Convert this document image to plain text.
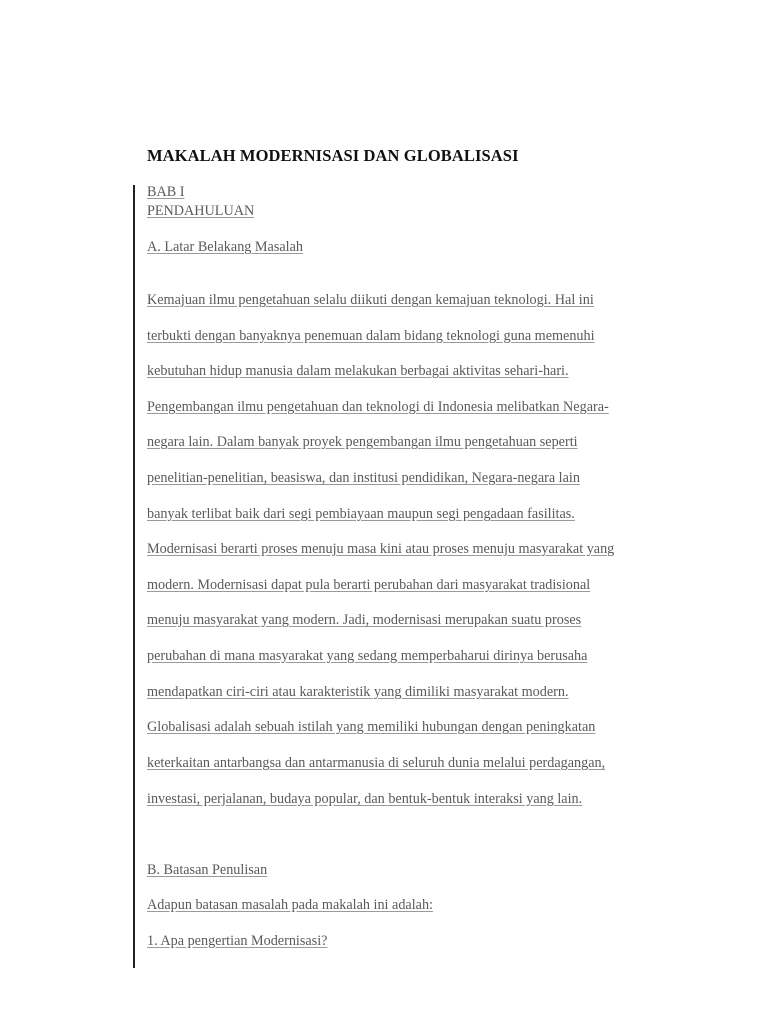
MAKALAH MODERNISASI DAN GLOBALISASI
BAB I
PENDAHULUAN
A. Latar Belakang Masalah
Kemajuan ilmu pengetahuan selalu diikuti dengan kemajuan teknologi. Hal ini
terbukti dengan banyaknya penemuan dalam bidang teknologi guna memenuhi
kebutuhan hidup manusia dalam melakukan berbagai aktivitas sehari-hari.
Pengembangan ilmu pengetahuan dan teknologi di Indonesia melibatkan Negara-
negara lain. Dalam banyak proyek pengembangan ilmu pengetahuan seperti
penelitian-penelitian, beasiswa, dan institusi pendidikan, Negara-negara lain
banyak terlibat baik dari segi pembiayaan maupun segi pengadaan fasilitas.
Modernisasi berarti proses menuju masa kini atau proses menuju masyarakat yang
modern. Modernisasi dapat pula berarti perubahan dari masyarakat tradisional
menuju masyarakat yang modern. Jadi, modernisasi merupakan suatu proses
perubahan di mana masyarakat yang sedang memperbaharui dirinya berusaha
mendapatkan ciri-ciri atau karakteristik yang dimiliki masyarakat modern.
Globalisasi adalah sebuah istilah yang memiliki hubungan dengan peningkatan
keterkaitan antarbangsa dan antarmanusia di seluruh dunia melalui perdagangan,
investasi, perjalanan, budaya popular, dan bentuk-bentuk interaksi yang lain.
B. Batasan Penulisan
Adapun batasan masalah pada makalah ini adalah:
1. Apa pengertian Modernisasi?
